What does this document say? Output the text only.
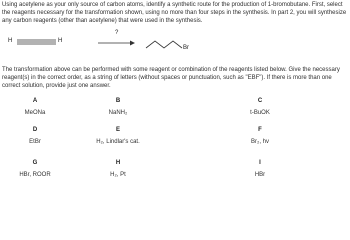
Using acetylene as your only source of carbon atoms, identify a synthetic route for the production of 1-bromobutane. First, select the reagents necessary for the transformation shown, using no more than four steps in the synthesis. In part 2, you will synthesize any carbon reagents (other than acetylene) that were used in the synthesis.
H	H
?
Br
The transformation above can be performed with some reagent or combination of the reagents listed below. Give the necessary reagent(s) in the correct order, as a string of letters (without spaces or punctuation, such as "EBF"). If there is more than one correct solution, provide just one answer.
A
MeONa
B
NaNH₂
C
t-BuOK
D
EtBr
E
H₂, Lindlar's cat.
F
Br₂, hv
G
HBr, ROOR
H
H₂, Pt
I
HBr
